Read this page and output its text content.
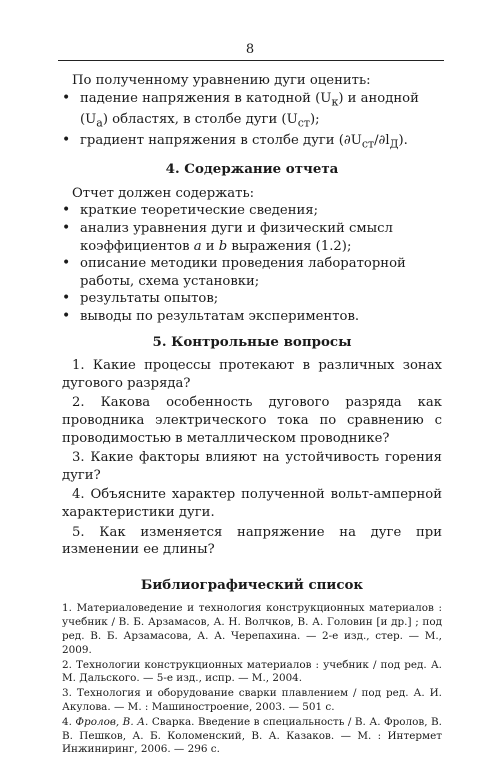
8

По полученному уравнению дуги оценить:

• падение напряжения в катодной $(U_к)$ и анодной $(U_а)$ областях, в столбе дуги $(U_{ст})$;
• градиент напряжения в столбе дуги $(\partial U_{ст}/\partial l_Д)$.
4. Содержание отчета

Отчет должен содержать:

• краткие теоретические сведения;
• анализ уравнения дуги и физический смысл коэффициентов a и b выражения (1.2);
• описание методики проведения лабораторной работы, схема установки;
• результаты опытов;
• выводы по результатам экспериментов.
5. Контрольные вопросы

1. Какие процессы протекают в различных зонах дугового разряда?

2. Какова особенность дугового разряда как проводника электрического тока по сравнению с проводимостью в металлическом проводнике?

3. Какие факторы влияют на устойчивость горения дуги?

4. Объясните характер полученной вольт-амперной характеристики дуги.

5. Как изменяется напряжение на дуге при изменении ее длины?

Библиографический список

1. Материаловедение и технология конструкционных материалов : учебник / В. Б. Арзамасов, А. Н. Волчков, В. А. Головин [и др.] ; под ред. В. Б. Арзамасова, А. А. Черепахина. — 2-е изд., стер. — М., 2009.

2. Технологии конструкционных материалов : учебник / под ред. А. М. Дальского. — 5-е изд., испр. — М., 2004.

3. Технология и оборудование сварки плавлением / под ред. А. И. Акулова. — М. : Машиностроение, 2003. — 501 с.

4. Фролов, В. А. Сварка. Введение в специальность / В. А. Фролов, В. В. Пешков, А. Б. Коломенский, В. А. Казаков. — М. : Интермет Инжиниринг, 2006. — 296 с.
